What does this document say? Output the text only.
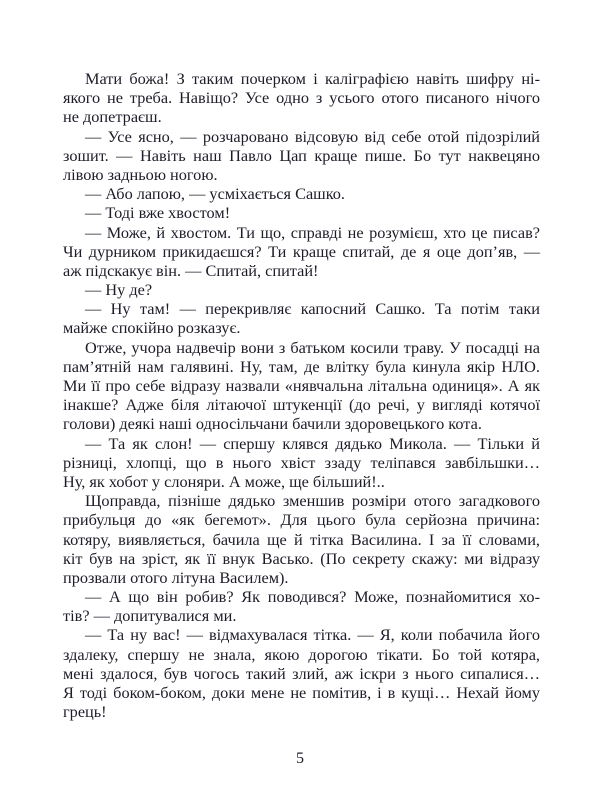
Мати божа! З таким почерком і каліграфією навіть шифру ні-
якого не треба. Навіщо? Усе одно з усього отого писаного нічого
не допетраєш.
— Усе ясно, — розчаровано відсовую від себе отой підозрілий
зошит. — Навіть наш Павло Цап краще пише. Бо тут наквецяно
лівою задньою ногою.
— Або лапою, — усміхається Сашко.
— Тоді вже хвостом!
— Може, й хвостом. Ти що, справді не розумієш, хто це писав?
Чи дурником прикидаєшся? Ти краще спитай, де я оце доп’яв, —
аж підскакує він. — Спитай, спитай!
— Ну де?
— Ну там! — перекривляє капосний Сашко. Та потім таки
майже спокійно розказує.
Отже, учора надвечір вони з батьком косили траву. У посадці на
пам’ятній нам галявині. Ну, там, де влітку була кинула якір НЛО.
Ми її про себе відразу назвали «нявчальна літальна одиниця». А як
інакше? Адже біля літаючої штукенції (до речі, у вигляді котячої
голови) деякі наші односільчани бачили здоровецького кота.
— Та як слон! — спершу клявся дядько Микола. — Тільки й
різниці, хлопці, що в нього хвіст ззаду теліпався завбільшки…
Ну, як хобот у слоняри. А може, ще більший!..
Щоправда, пізніше дядько зменшив розміри отого загадкового
прибульця до «як бегемот». Для цього була серйозна причина:
котяру, виявляється, бачила ще й тітка Василина. І за її словами,
кіт був на зріст, як її внук Васько. (По секрету скажу: ми відразу
прозвали отого літуна Василем).
— А що він робив? Як поводився? Може, познайомитися хо-
тів? — допитувалися ми.
— Та ну вас! — відмахувалася тітка. — Я, коли побачила його
здалеку, спершу не знала, якою дорогою тікати. Бо той котяра,
мені здалося, був чогось такий злий, аж іскри з нього сипалися…
Я тоді боком-боком, доки мене не помітив, і в кущі… Нехай йому
грець!
5
